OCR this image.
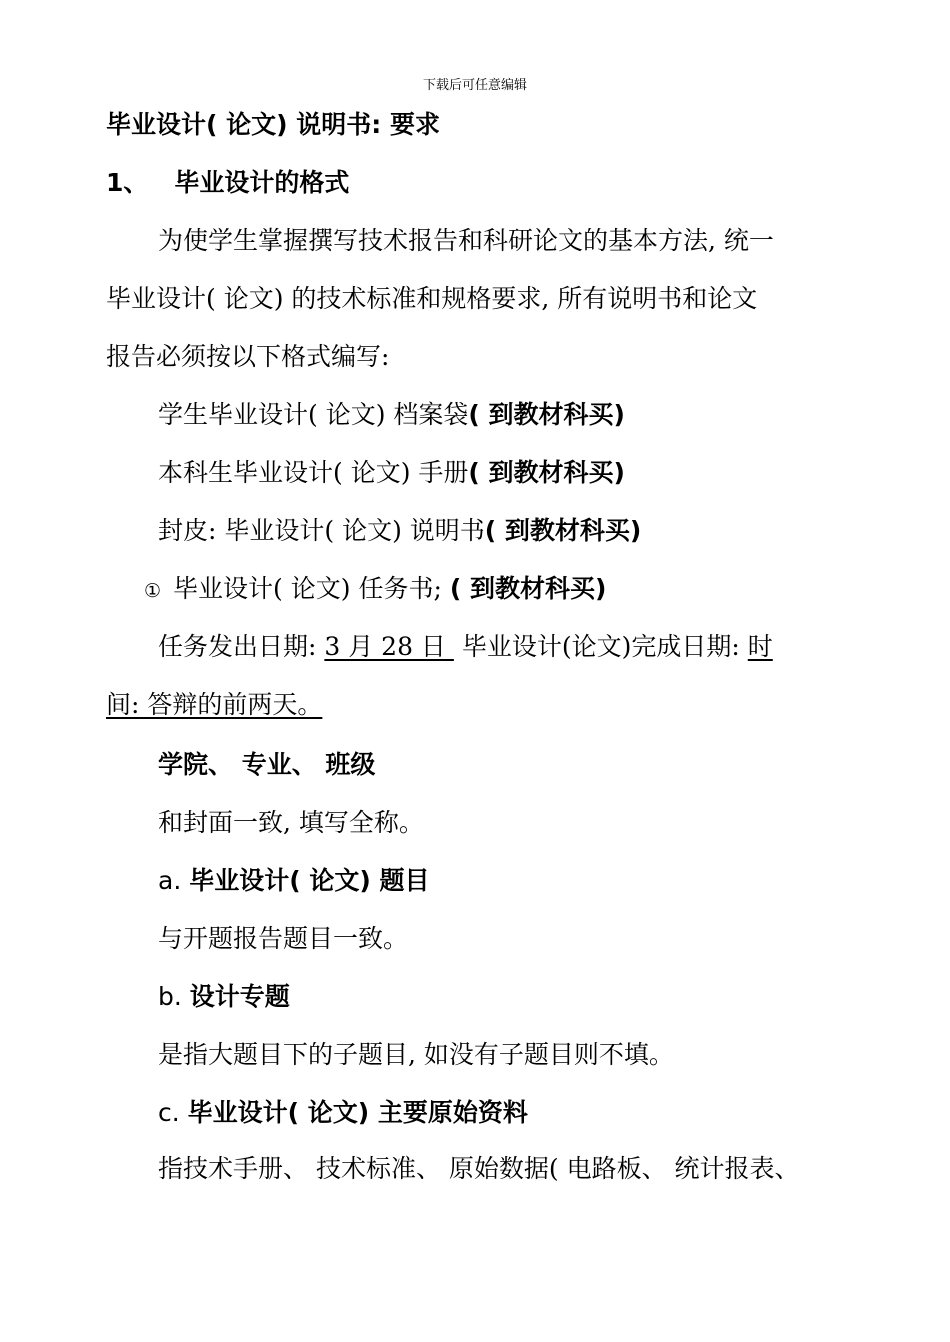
下载后可任意编辑
毕业设计( 论文) 说明书: 要求
1、 毕业设计的格式
为使学生掌握撰写技术报告和科研论文的基本方法, 统一
毕业设计( 论文) 的技术标准和规格要求, 所有说明书和论文
报告必须按以下格式编写:
学生毕业设计( 论文) 档案袋( 到教材科买)
本科生毕业设计( 论文) 手册( 到教材科买)
封皮: 毕业设计( 论文) 说明书( 到教材科买)
① 毕业设计( 论文) 任务书; ( 到教材科买)
任务发出日期: 3 月 28 日 毕业设计(论文)完成日期: 时
间: 答辩的前两天。
学院、 专业、 班级
和封面一致, 填写全称。
a. 毕业设计( 论文) 题目
与开题报告题目一致。
b. 设计专题
是指大题目下的子题目, 如没有子题目则不填。
c. 毕业设计( 论文) 主要原始资料
指技术手册、 技术标准、 原始数据( 电路板、 统计报表、
